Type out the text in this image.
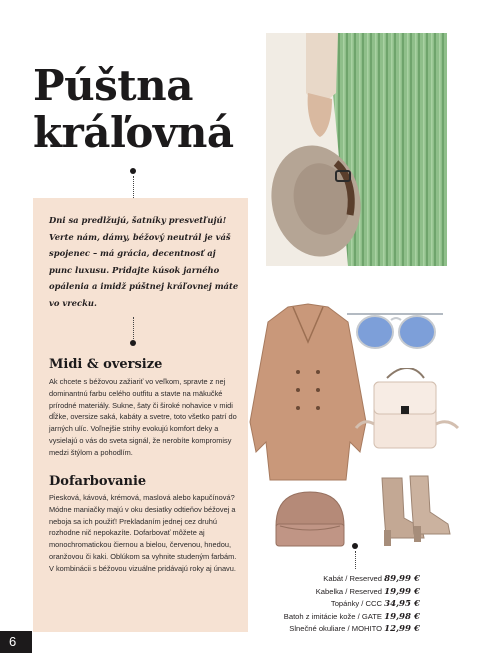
Púštna
kráľovná

Dni sa predlžujú, šatníky presvetľujú! Verte nám, dámy, béžový neutrál je váš spojenec – má grácia, decentnosť aj punc luxusu. Pridajte kúsok jarného opálenia a imidž púštnej kráľovnej máte vo vrecku.

Midi & oversize

Ak chcete s béžovou zažiariť vo veľkom, spravte z nej dominantnú farbu celého outfitu a stavte na mäkučké prírodné materiály. Sukne, šaty či široké nohavice v midi dĺžke, oversize saká, kabáty a svetre, toto všetko patrí do jarných ulíc. Voľnejšie strihy evokujú komfort deky a vysielajú o vás do sveta signál, že nerobíte kompromisy medzi štýlom a pohodlím.

Dofarbovanie

Piesková, kávová, krémová, maslová alebo kapučínová? Módne maniačky majú v oku desiatky odtieňov béžovej a neboja sa ich použiť! Prekladaním jednej cez druhú rozhodne nič nepokazíte. Dofarbovať môžete aj monochromatickou čiernou a bielou, červenou, hnedou, oranžovou či kaki. Oblúkom sa vyhnite studeným farbám. V kombinácii s béžovou vizuálne pridávajú roky aj únavu.

Kabát / Reserved 89,99 €
Kabelka / Reserved 19,99 €
Topánky / CCC 34,95 €
Batoh z imitácie kože / GATE 19,98 €
Slnečné okuliare / MOHITO 12,99 €
6
